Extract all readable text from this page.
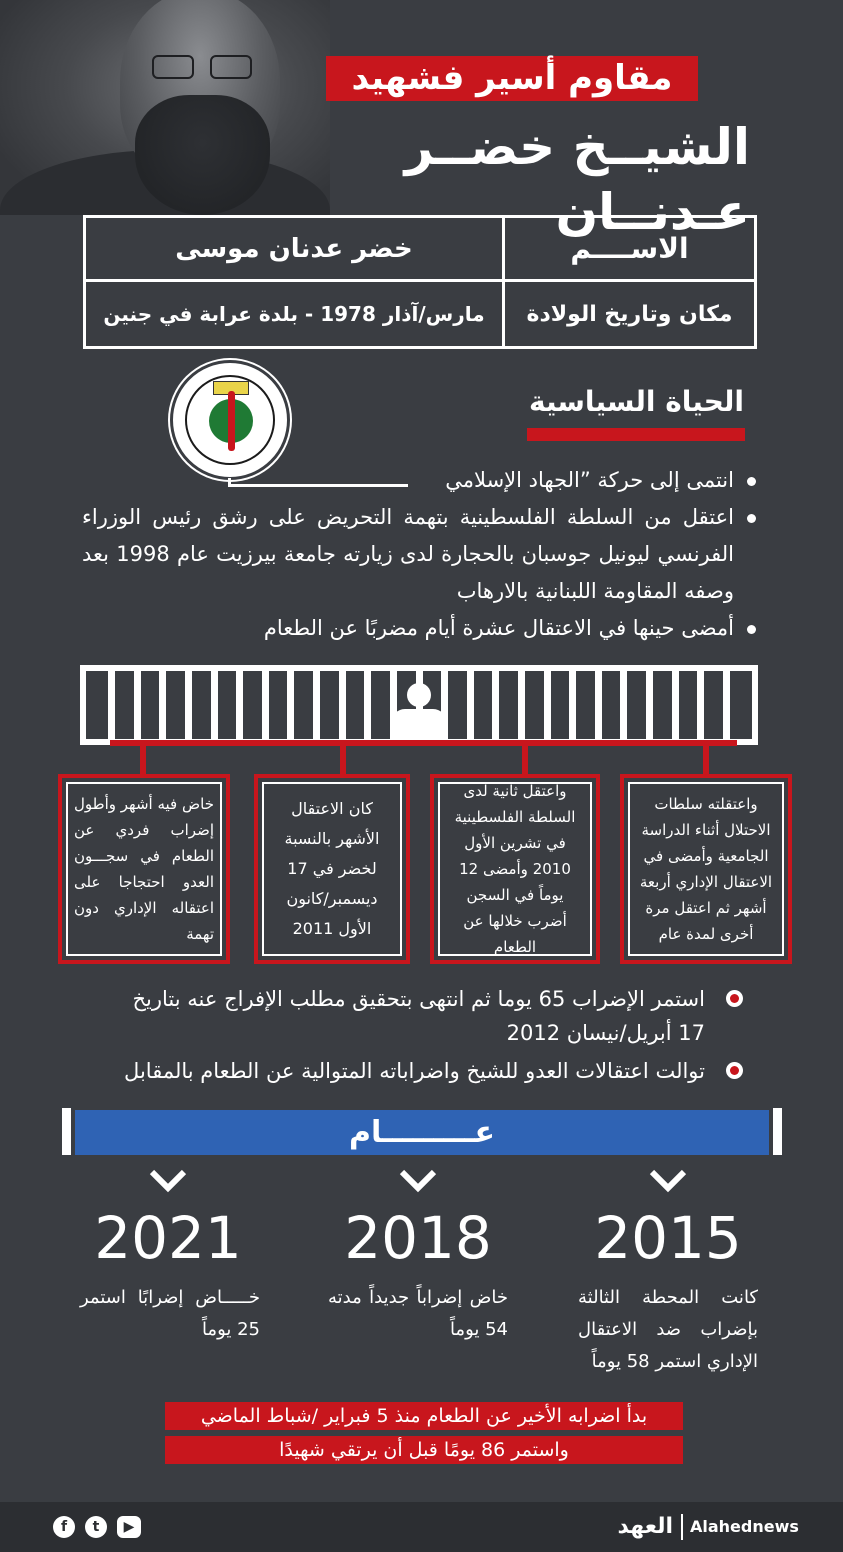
مقاوم أسير فشهيد
الشيــخ خضــر عـدنــان
الاســــم
خضر عدنان موسى
مكان وتاريخ الولادة
مارس/آذار 1978 - بلدة عرابة في جنين
الحياة السياسية
انتمى إلى حركة ”الجهاد الإسلامي
اعتقل من السلطة الفلسطينية بتهمة التحريض على رشق رئيس الوزراء الفرنسي ليونيل جوسبان بالحجارة لدى زيارته جامعة بيرزيت عام 1998 بعد وصفه المقاومة اللبنانية بالارهاب
أمضى حينها في الاعتقال عشرة أيام مضربًا عن الطعام
واعتقلته سلطات الاحتلال أثناء الدراسة الجامعية وأمضى في الاعتقال الإداري أربعة أشهر ثم اعتقل مرة أخرى لمدة عام
واعتقل ثانية لدى السلطة الفلسطينية في تشرين الأول 2010 وأمضى 12 يوماً في السجن أضرب خلالها عن الطعام
كان الاعتقال الأشهر بالنسبة لخضر في 17 ديسمبر/كانون الأول 2011
خاض فيه أشهر وأطول إضراب فردي عن الطعام في سجـــون العدو احتجاجا على اعتقاله الإداري دون تهمة
استمر الإضراب 65 يوما ثم انتهى بتحقيق مطلب الإفراج عنه بتاريخ 17 أبريل/نيسان 2012
توالت اعتقالات العدو للشيخ واضراباته المتوالية عن الطعام بالمقابل
عـــــــــام
2015
كانت المحطة الثالثة بإضراب ضد الاعتقال الإداري استمر 58 يوماً
2018
خاض إضراباً جديداً مدته 54 يوماً
2021
خـــــاض إضرابًا استمر 25 يوماً
بدأ اضرابه الأخير عن الطعام منذ 5 فبراير /شباط الماضي
واستمر 86 يومًا قبل أن يرتقي شهيدًا
f	t	▶	العهد Alahednews
